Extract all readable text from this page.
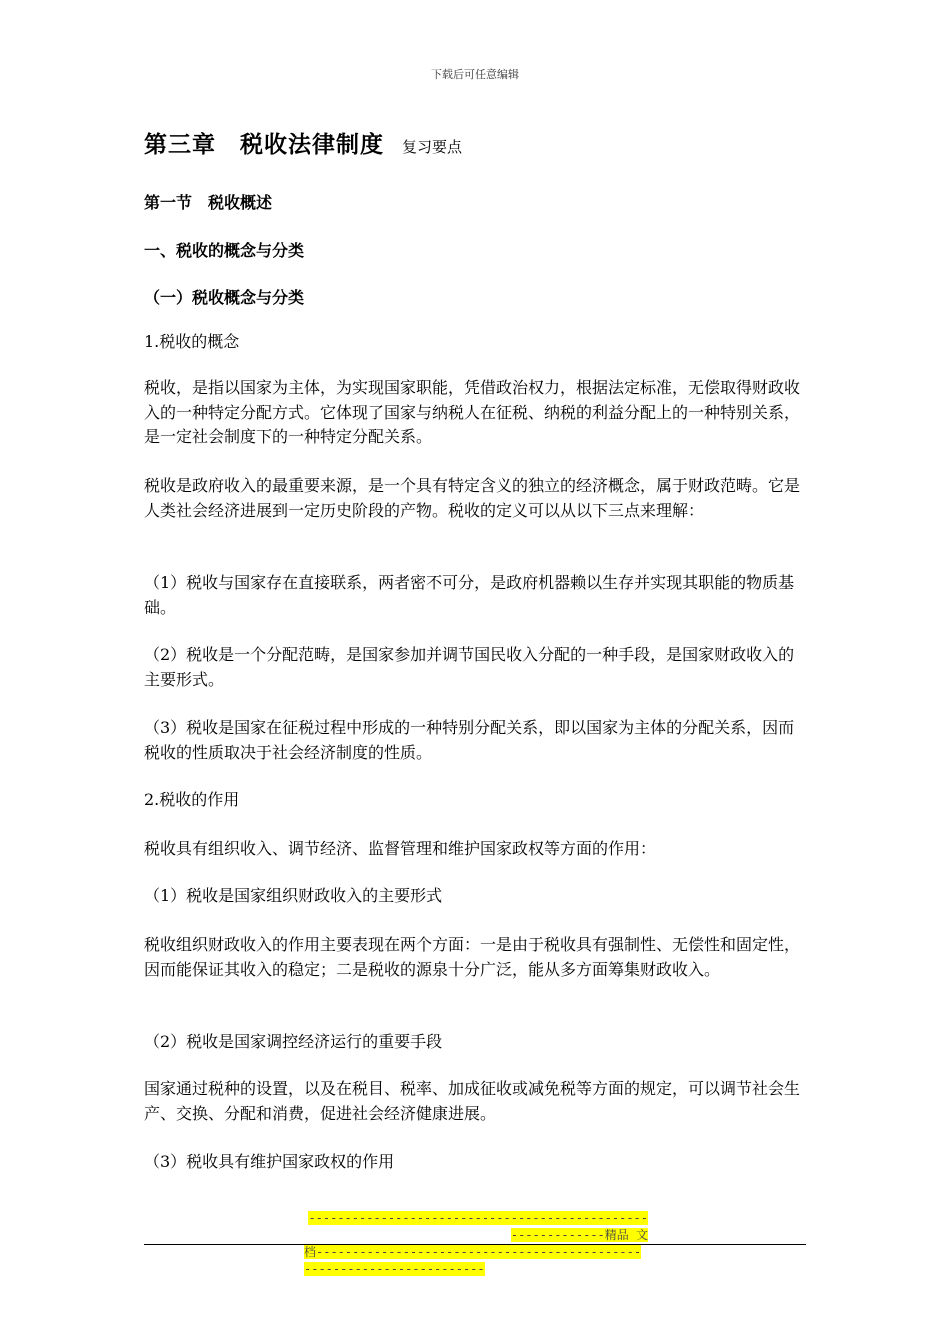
下载后可任意编辑
第三章　税收法律制度 复习要点
第一节　税收概述
一、税收的概念与分类
（一）税收概念与分类
1.税收的概念
税收，是指以国家为主体，为实现国家职能，凭借政治权力，根据法定标准，无偿取得财政收入的一种特定分配方式。它体现了国家与纳税人在征税、纳税的利益分配上的一种特别关系，是一定社会制度下的一种特定分配关系。
税收是政府收入的最重要来源，是一个具有特定含义的独立的经济概念，属于财政范畴。它是人类社会经济进展到一定历史阶段的产物。税收的定义可以从以下三点来理解：
（1）税收与国家存在直接联系，两者密不可分，是政府机器赖以生存并实现其职能的物质基础。
（2）税收是一个分配范畴，是国家参加并调节国民收入分配的一种手段，是国家财政收入的主要形式。
（3）税收是国家在征税过程中形成的一种特别分配关系，即以国家为主体的分配关系，因而税收的性质取决于社会经济制度的性质。
2.税收的作用
税收具有组织收入、调节经济、监督管理和维护国家政权等方面的作用：
（1）税收是国家组织财政收入的主要形式
税收组织财政收入的作用主要表现在两个方面：一是由于税收具有强制性、无偿性和固定性，因而能保证其收入的稳定；二是税收的源泉十分广泛，能从多方面筹集财政收入。
（2）税收是国家调控经济运行的重要手段
国家通过税种的设置，以及在税目、税率、加成征收或减免税等方面的规定，可以调节社会生产、交换、分配和消费，促进社会经济健康进展。
（3）税收具有维护国家政权的作用
------------------------------------------------------------精品 文
档----------------------------------------------------------------------
